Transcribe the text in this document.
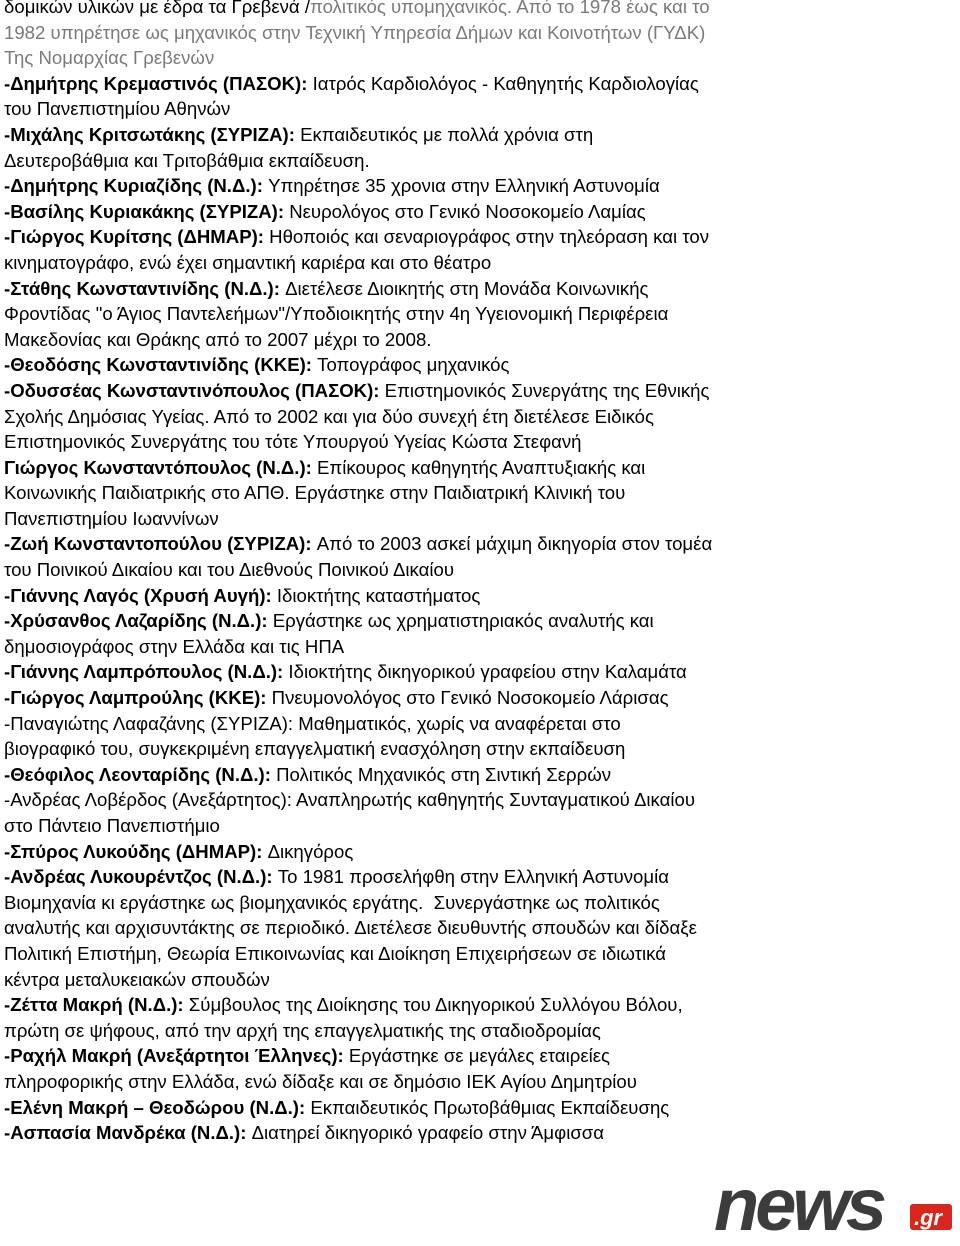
δομικών υλικών με έδρα τα Γρεβενά /πολιτικός υπομηχανικός. Από το 1978 έως και το
1982 υπηρέτησε ως μηχανικός στην Τεχνική Υπηρεσία Δήμων και Κοινοτήτων (ΓΥΔΚ)
Της Νομαρχίας Γρεβενών
-Δημήτρης Κρεμαστινός (ΠΑΣΟΚ): Ιατρός Καρδιολόγος - Καθηγητής Καρδιολογίας
του Πανεπιστημίου Αθηνών
-Μιχάλης Κριτσωτάκης (ΣΥΡΙΖΑ): Εκπαιδευτικός με πολλά χρόνια στη
Δευτεροβάθμια και Τριτοβάθμια εκπαίδευση.
-Δημήτρης Κυριαζίδης (Ν.Δ.): Υπηρέτησε 35 χρονια στην Ελληνική Αστυνομία
-Βασίλης Κυριακάκης (ΣΥΡΙΖΑ): Νευρολόγος στο Γενικό Νοσοκομείο Λαμίας
-Γιώργος Κυρίτσης (ΔΗΜΑΡ): Ηθοποιός και σεναριογράφος στην τηλεόραση και τον
κινηματογράφο, ενώ έχει σημαντική καριέρα και στο θέατρο
-Στάθης Κωνσταντινίδης (Ν.Δ.): Διετέλεσε Διοικητής στη Μονάδα Κοινωνικής
Φροντίδας "ο Άγιος Παντελεήμων"/Υποδιοικητής στην 4η Υγειονομική Περιφέρεια
Μακεδονίας και Θράκης από το 2007 μέχρι το 2008.
-Θεοδόσης Κωνσταντινίδης (ΚΚΕ): Τοπογράφος μηχανικός
-Οδυσσέας Κωνσταντινόπουλος (ΠΑΣΟΚ): Επιστημονικός Συνεργάτης της Εθνικής
Σχολής Δημόσιας Υγείας. Από το 2002 και για δύο συνεχή έτη διετέλεσε Ειδικός
Επιστημονικός Συνεργάτης του τότε Υπουργού Υγείας Κώστα Στεφανή
Γιώργος Κωνσταντόπουλος (Ν.Δ.): Επίκουρος καθηγητής Αναπτυξιακής και
Κοινωνικής Παιδιατρικής στο ΑΠΘ. Εργάστηκε στην Παιδιατρική Κλινική του
Πανεπιστημίου Ιωαννίνων
-Ζωή Κωνσταντοπούλου (ΣΥΡΙΖΑ): Από το 2003 ασκεί μάχιμη δικηγορία στον τομέα
του Ποινικού Δικαίου και του Διεθνούς Ποινικού Δικαίου
-Γιάννης Λαγός (Χρυσή Αυγή): Ιδιοκτήτης καταστήματος
-Χρύσανθος Λαζαρίδης (Ν.Δ.): Εργάστηκε ως χρηματιστηριακός αναλυτής και
δημοσιογράφος στην Ελλάδα και τις ΗΠΑ
-Γιάννης Λαμπρόπουλος (Ν.Δ.): Ιδιοκτήτης δικηγορικού γραφείου στην Καλαμάτα
-Γιώργος Λαμπρούλης (ΚΚΕ): Πνευμονολόγος στο Γενικό Νοσοκομείο Λάρισας
-Παναγιώτης Λαφαζάνης (ΣΥΡΙΖΑ): Μαθηματικός, χωρίς να αναφέρεται στο
βιογραφικό του, συγκεκριμένη επαγγελματική ενασχόληση στην εκπαίδευση
-Θεόφιλος Λεονταρίδης (Ν.Δ.): Πολιτικός Μηχανικός στη Σιντική Σερρών
-Ανδρέας Λοβέρδος (Ανεξάρτητος): Αναπληρωτής καθηγητής Συνταγματικού Δικαίου
στο Πάντειο Πανεπιστήμιο
-Σπύρος Λυκούδης (ΔΗΜΑΡ): Δικηγόρος
-Ανδρέας Λυκουρέντζος (Ν.Δ.): Το 1981 προσελήφθη στην Ελληνική Αστυνομία
Βιομηχανία κι εργάστηκε ως βιομηχανικός εργάτης.  Συνεργάστηκε ως πολιτικός
αναλυτής και αρχισυντάκτης σε περιοδικό. Διετέλεσε διευθυντής σπουδών και δίδαξε
Πολιτική Επιστήμη, Θεωρία Επικοινωνίας και Διοίκηση Επιχειρήσεων σε ιδιωτικά
κέντρα μεταλυκειακών σπουδών
-Ζέττα Μακρή (Ν.Δ.): Σύμβουλος της Διοίκησης του Δικηγορικού Συλλόγου Βόλου,
πρώτη σε ψήφους, από την αρχή της επαγγελματικής της σταδιοδρομίας
-Ραχήλ Μακρή (Ανεξάρτητοι Έλληνες): Εργάστηκε σε μεγάλες εταιρείες
πληροφορικής στην Ελλάδα, ενώ δίδαξε και σε δημόσιο ΙΕΚ Αγίου Δημητρίου
-Ελένη Μακρή – Θεοδώρου (Ν.Δ.): Εκπαιδευτικός Πρωτοβάθμιας Εκπαίδευσης
-Ασπασία Μανδρέκα (Ν.Δ.): Διατηρεί δικηγορικό γραφείο στην Άμφισσα
news .gr
